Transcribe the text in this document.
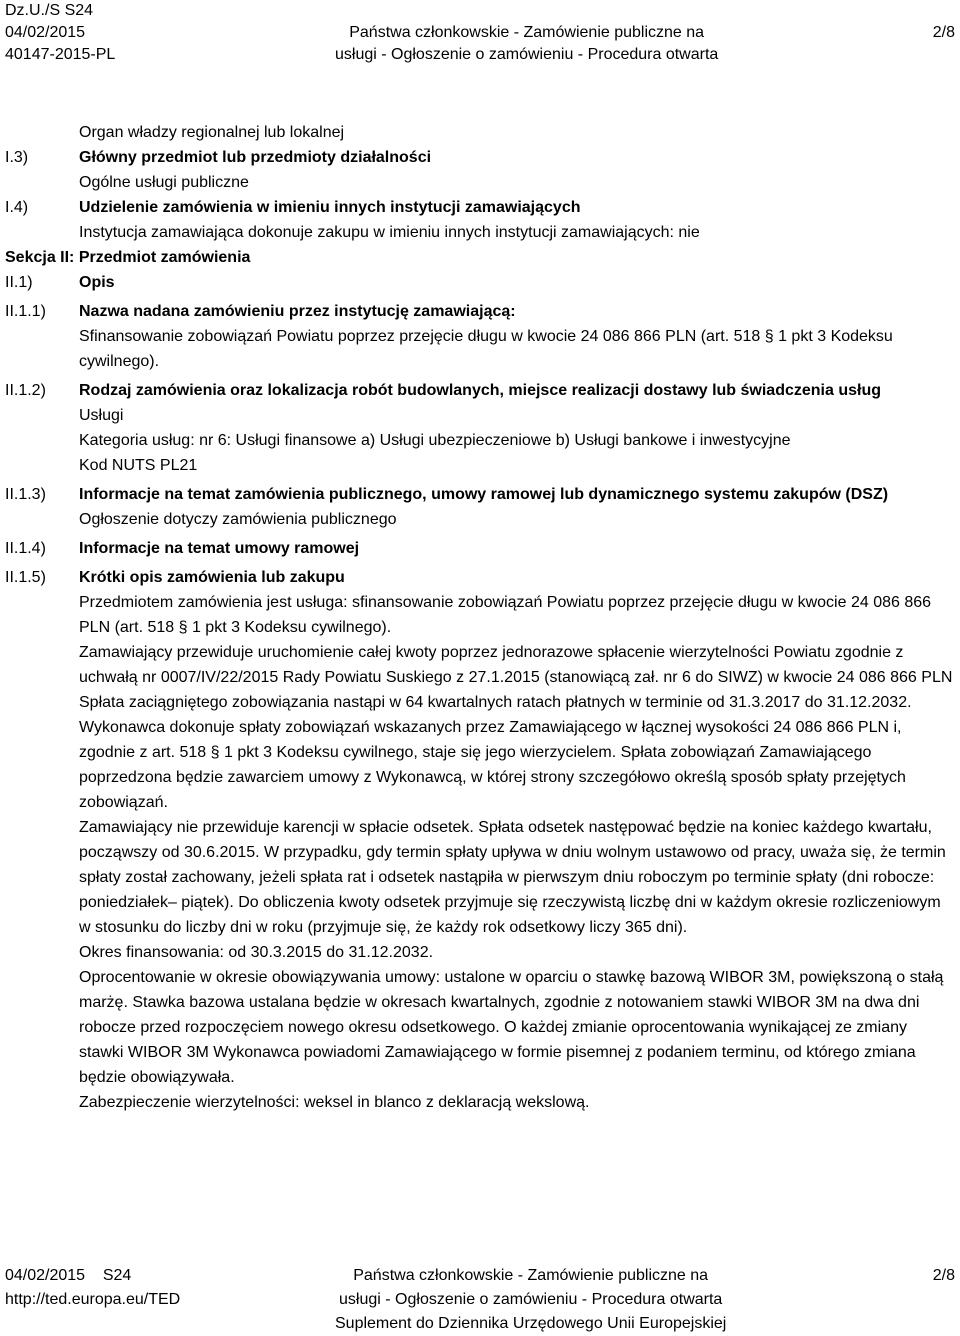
Dz.U./S S24
04/02/2015
40147-2015-PL
Państwa członkowskie - Zamówienie publiczne na
usługi - Ogłoszenie o zamówieniu - Procedura otwarta
2/8
Organ władzy regionalnej lub lokalnej
I.3)	Główny przedmiot lub przedmioty działalności

Ogólne usługi publiczne

I.4)	Udzielenie zamówienia w imieniu innych instytucji zamawiających

Instytucja zamawiająca dokonuje zakupu w imieniu innych instytucji zamawiających: nie

Sekcja II: Przedmiot zamówienia

II.1)	Opis

II.1.1)	Nazwa nadana zamówieniu przez instytucję zamawiającą:

Sfinansowanie zobowiązań Powiatu poprzez przejęcie długu w kwocie 24 086 866 PLN (art. 518 § 1 pkt 3 Kodeksu cywilnego).

II.1.2)	Rodzaj zamówienia oraz lokalizacja robót budowlanych, miejsce realizacji dostawy lub świadczenia usług

Usługi

Kategoria usług: nr 6: Usługi finansowe a) Usługi ubezpieczeniowe b) Usługi bankowe i inwestycyjne

Kod NUTS PL21

II.1.3)	Informacje na temat zamówienia publicznego, umowy ramowej lub dynamicznego systemu zakupów (DSZ)

Ogłoszenie dotyczy zamówienia publicznego

II.1.4)	Informacje na temat umowy ramowej

II.1.5)	Krótki opis zamówienia lub zakupu

Przedmiotem zamówienia jest usługa: sfinansowanie zobowiązań Powiatu poprzez przejęcie długu w kwocie 24 086 866 PLN (art. 518 § 1 pkt 3 Kodeksu cywilnego).

Zamawiający przewiduje uruchomienie całej kwoty poprzez jednorazowe spłacenie wierzytelności Powiatu zgodnie z uchwałą nr 0007/IV/22/2015 Rady Powiatu Suskiego z 27.1.2015 (stanowiącą zał. nr 6 do SIWZ) w kwocie 24 086 866 PLN

Spłata zaciągniętego zobowiązania nastąpi w 64 kwartalnych ratach płatnych w terminie od 31.3.2017 do 31.12.2032.

Wykonawca dokonuje spłaty zobowiązań wskazanych przez Zamawiającego w łącznej wysokości 24 086 866 PLN i, zgodnie z art. 518 § 1 pkt 3 Kodeksu cywilnego, staje się jego wierzycielem. Spłata zobowiązań Zamawiającego poprzedzona będzie zawarciem umowy z Wykonawcą, w której strony szczegółowo określą sposób spłaty przejętych zobowiązań.

Zamawiający nie przewiduje karencji w spłacie odsetek. Spłata odsetek następować będzie na koniec każdego kwartału, począwszy od 30.6.2015. W przypadku, gdy termin spłaty upływa w dniu wolnym ustawowo od pracy, uważa się, że termin spłaty został zachowany, jeżeli spłata rat i odsetek nastąpiła w pierwszym dniu roboczym po terminie spłaty (dni robocze: poniedziałek– piątek). Do obliczenia kwoty odsetek przyjmuje się rzeczywistą liczbę dni w każdym okresie rozliczeniowym w stosunku do liczby dni w roku (przyjmuje się, że każdy rok odsetkowy liczy 365 dni).

Okres finansowania: od 30.3.2015 do 31.12.2032.

Oprocentowanie w okresie obowiązywania umowy: ustalone w oparciu o stawkę bazową WIBOR 3M, powiększoną o stałą marżę. Stawka bazowa ustalana będzie w okresach kwartalnych, zgodnie z notowaniem stawki WIBOR 3M na dwa dni robocze przed rozpoczęciem nowego okresu odsetkowego. O każdej zmianie oprocentowania wynikającej ze zmiany stawki WIBOR 3M Wykonawca powiadomi Zamawiającego w formie pisemnej z podaniem terminu, od którego zmiana będzie obowiązywała.

Zabezpieczenie wierzytelności: weksel in blanco z deklaracją wekslową.

04/02/2015 S24
http://ted.europa.eu/TED
Państwa członkowskie - Zamówienie publiczne na
usługi - Ogłoszenie o zamówieniu - Procedura otwarta
Suplement do Dziennika Urzędowego Unii Europejskiej
2/8
